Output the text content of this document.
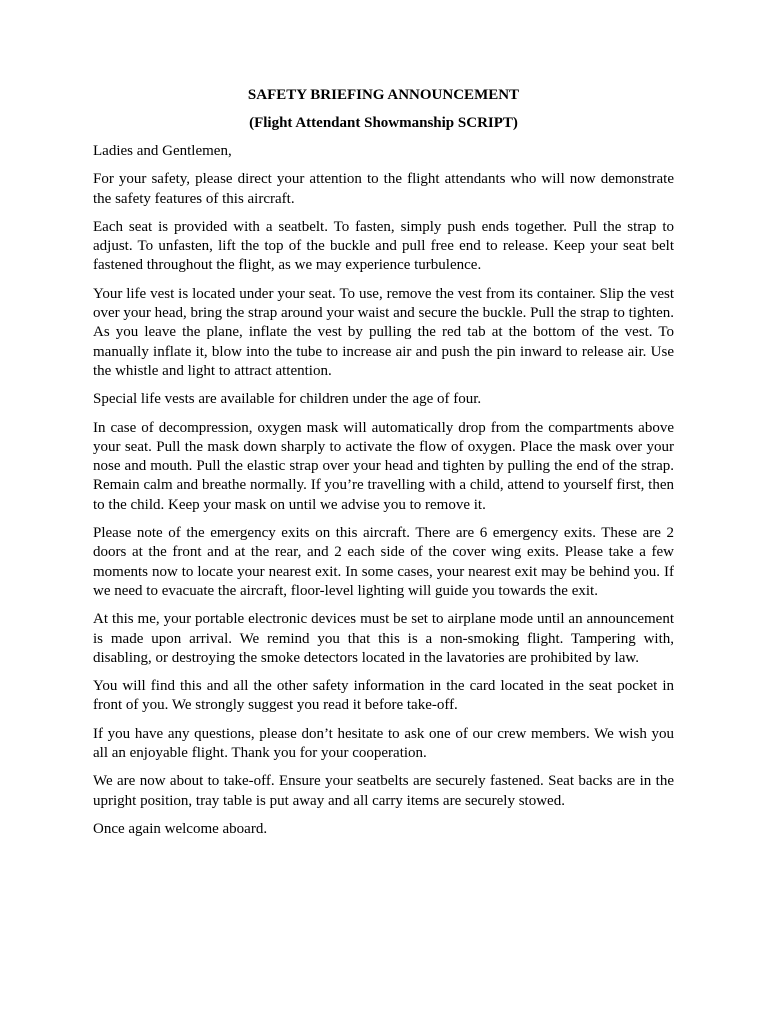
SAFETY BRIEFING ANNOUNCEMENT
(Flight Attendant Showmanship SCRIPT)

Ladies and Gentlemen,

For your safety, please direct your attention to the flight attendants who will now demonstrate the safety features of this aircraft.

Each seat is provided with a seatbelt. To fasten, simply push ends together. Pull the strap to adjust. To unfasten, lift the top of the buckle and pull free end to release. Keep your seat belt fastened throughout the flight, as we may experience turbulence.

Your life vest is located under your seat. To use, remove the vest from its container. Slip the vest over your head, bring the strap around your waist and secure the buckle. Pull the strap to tighten. As you leave the plane, inflate the vest by pulling the red tab at the bottom of the vest. To manually inflate it, blow into the tube to increase air and push the pin inward to release air. Use the whistle and light to attract attention.

Special life vests are available for children under the age of four.

In case of decompression, oxygen mask will automatically drop from the compartments above your seat. Pull the mask down sharply to activate the flow of oxygen. Place the mask over your nose and mouth. Pull the elastic strap over your head and tighten by pulling the end of the strap. Remain calm and breathe normally. If you’re travelling with a child, attend to yourself first, then to the child. Keep your mask on until we advise you to remove it.

Please note of the emergency exits on this aircraft. There are 6 emergency exits. These are 2 doors at the front and at the rear, and 2 each side of the cover wing exits. Please take a few moments now to locate your nearest exit. In some cases, your nearest exit may be behind you. If we need to evacuate the aircraft, floor-level lighting will guide you towards the exit.

At this me, your portable electronic devices must be set to airplane mode until an announcement is made upon arrival. We remind you that this is a non-smoking flight. Tampering with, disabling, or destroying the smoke detectors located in the lavatories are prohibited by law.

You will find this and all the other safety information in the card located in the seat pocket in front of you. We strongly suggest you read it before take-off.

If you have any questions, please don’t hesitate to ask one of our crew members. We wish you all an enjoyable flight. Thank you for your cooperation.

We are now about to take-off. Ensure your seatbelts are securely fastened. Seat backs are in the upright position, tray table is put away and all carry items are securely stowed.

Once again welcome aboard.
